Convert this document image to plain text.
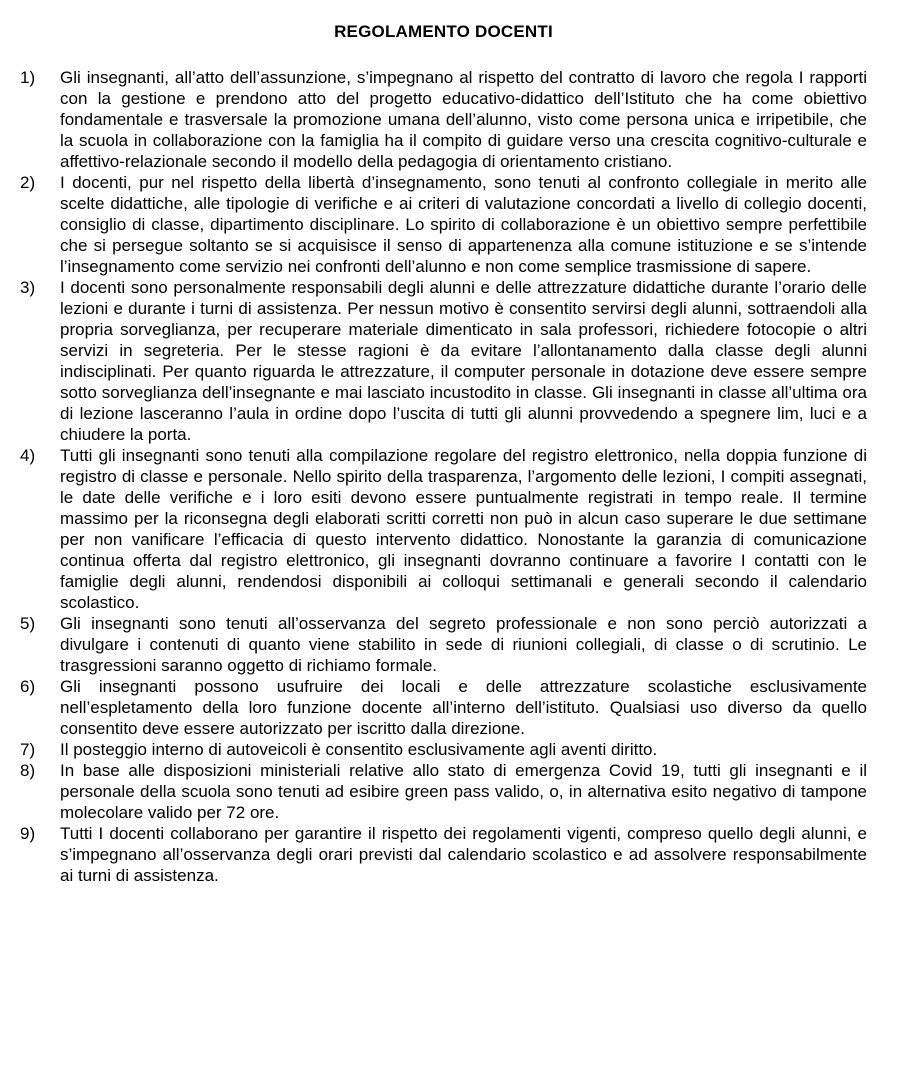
REGOLAMENTO DOCENTI
1)	Gli insegnanti, all’atto dell’assunzione, s’impegnano al rispetto del contratto di lavoro che regola I rapporti con la gestione e prendono atto del progetto educativo-didattico dell’Istituto che ha come obiettivo fondamentale e trasversale la promozione umana dell’alunno, visto come persona unica e irripetibile, che la scuola in collaborazione con la famiglia ha il compito di guidare verso una crescita cognitivo-culturale e affettivo-relazionale secondo il modello della pedagogia di orientamento cristiano.
2)	I docenti, pur nel rispetto della libertà d’insegnamento, sono tenuti al confronto collegiale in merito alle scelte didattiche, alle tipologie di verifiche e ai criteri di valutazione concordati a livello di collegio docenti, consiglio di classe, dipartimento disciplinare. Lo spirito di collaborazione è un obiettivo sempre perfettibile che si persegue soltanto se si acquisisce il senso di appartenenza alla comune istituzione e se s’intende l’insegnamento come servizio nei confronti dell’alunno e non come semplice trasmissione di sapere.
3)	I docenti sono personalmente responsabili degli alunni e delle attrezzature didattiche durante l’orario delle lezioni e durante i turni di assistenza. Per nessun motivo è consentito servirsi degli alunni, sottraendoli alla propria sorveglianza, per recuperare materiale dimenticato in sala professori, richiedere fotocopie o altri servizi in segreteria. Per le stesse ragioni è da evitare l’allontanamento dalla classe degli alunni indisciplinati. Per quanto riguarda le attrezzature, il computer personale in dotazione deve essere sempre sotto sorveglianza dell’insegnante e mai lasciato incustodito in classe. Gli insegnanti in classe all’ultima ora di lezione lasceranno l’aula in ordine dopo l’uscita di tutti gli alunni provvedendo a spegnere lim, luci e a chiudere la porta.
4)	Tutti gli insegnanti sono tenuti alla compilazione regolare del registro elettronico, nella doppia funzione di registro di classe e personale. Nello spirito della trasparenza, l’argomento delle lezioni, I compiti assegnati, le date delle verifiche e i loro esiti devono essere puntualmente registrati in tempo reale. Il termine massimo per la riconsegna degli elaborati scritti corretti non può in alcun caso superare le due settimane per non vanificare l’efficacia di questo intervento didattico. Nonostante la garanzia di comunicazione continua offerta dal registro elettronico, gli insegnanti dovranno continuare a favorire I contatti con le famiglie degli alunni, rendendosi disponibili ai colloqui settimanali e generali secondo il calendario scolastico.
5)	Gli insegnanti sono tenuti all’osservanza del segreto professionale e non sono perciò autorizzati a divulgare i contenuti di quanto viene stabilito in sede di riunioni collegiali, di classe o di scrutinio. Le trasgressioni saranno oggetto di richiamo formale.
6)	Gli insegnanti possono usufruire dei locali e delle attrezzature scolastiche esclusivamente nell’espletamento della loro funzione docente all’interno dell’istituto. Qualsiasi uso diverso da quello consentito deve essere autorizzato per iscritto dalla direzione.
7)	Il posteggio interno di autoveicoli è consentito esclusivamente agli aventi diritto.
8)	In base alle disposizioni ministeriali relative allo stato di emergenza Covid 19, tutti gli insegnanti e il personale della scuola sono tenuti ad esibire green pass valido, o, in alternativa esito negativo di tampone molecolare valido per 72 ore.
9)	Tutti I docenti collaborano per garantire il rispetto dei regolamenti vigenti, compreso quello degli alunni, e s’impegnano all’osservanza degli orari previsti dal calendario scolastico e ad assolvere responsabilmente ai turni di assistenza.
